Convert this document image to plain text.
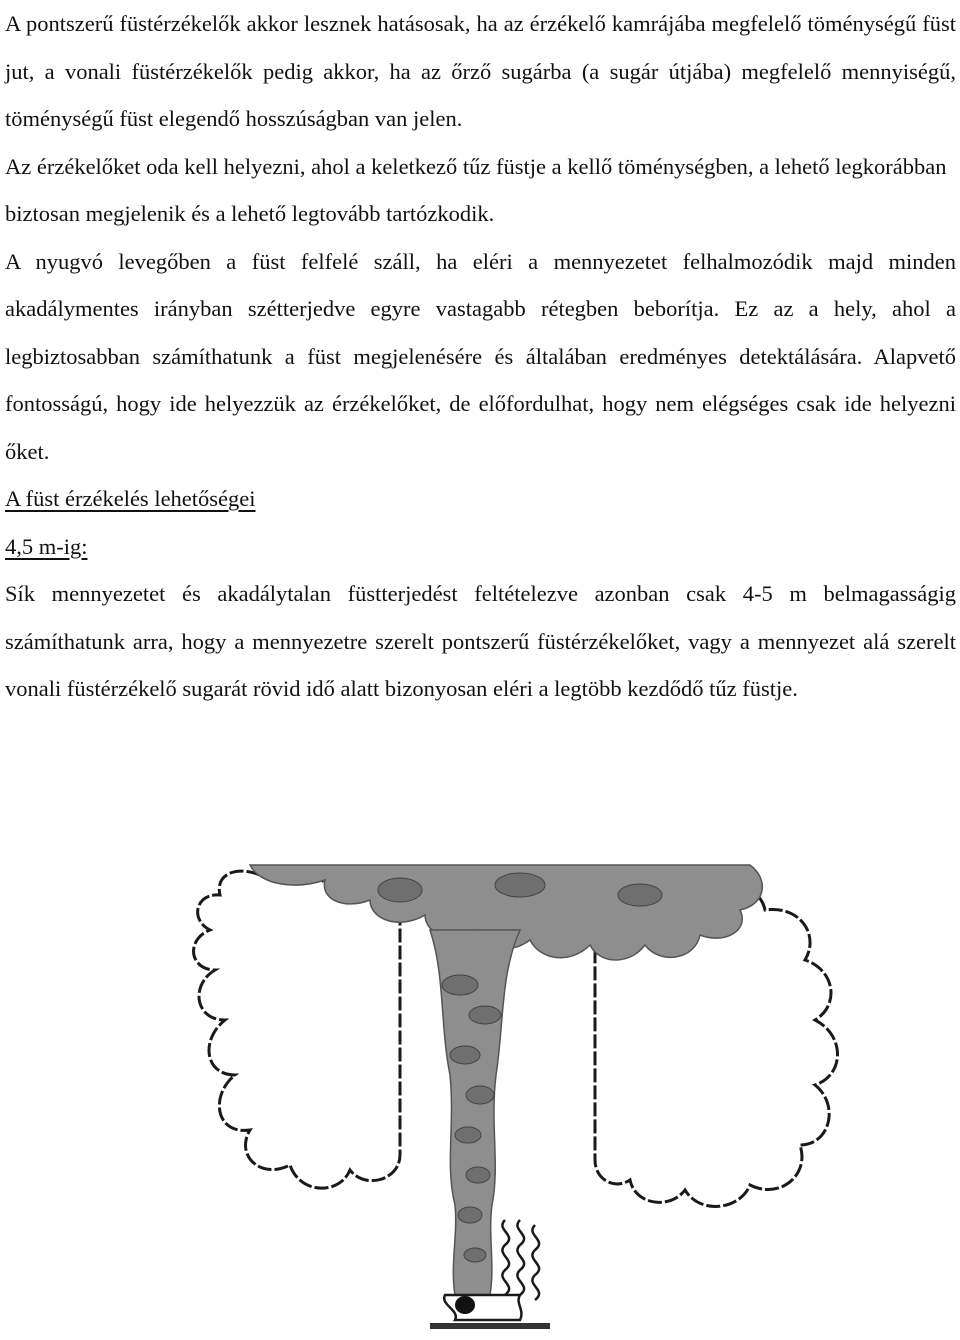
A pontszerű füstérzékelők akkor lesznek hatásosak, ha az érzékelő kamrájába megfelelő töménységű füst jut, a vonali füstérzékelők pedig akkor, ha az őrző sugárba (a sugár útjába) megfelelő mennyiségű, töménységű füst elegendő hosszúságban van jelen.

Az érzékelőket oda kell helyezni, ahol a keletkező tűz füstje a kellő töménységben, a lehető legkorábban biztosan megjelenik és a lehető legtovább tartózkodik.

A nyugvó levegőben a füst felfelé száll, ha eléri a mennyezetet felhalmozódik majd minden akadálymentes irányban szétterjedve egyre vastagabb rétegben beborítja. Ez az a hely, ahol a legbiztosabban számíthatunk a füst megjelenésére és általában eredményes detektálására. Alapvető fontosságú, hogy ide helyezzük az érzékelőket, de előfordulhat, hogy nem elégséges csak ide helyezni őket.

A füst érzékelés lehetőségei

4,5 m-ig:

Sík mennyezetet és akadálytalan füstterjedést feltételezve azonban csak 4-5 m belmagasságig számíthatunk arra, hogy a mennyezetre szerelt pontszerű füstérzékelőket, vagy a mennyezet alá szerelt vonali füstérzékelő sugarát rövid idő alatt bizonyosan eléri a legtöbb kezdődő tűz füstje.
